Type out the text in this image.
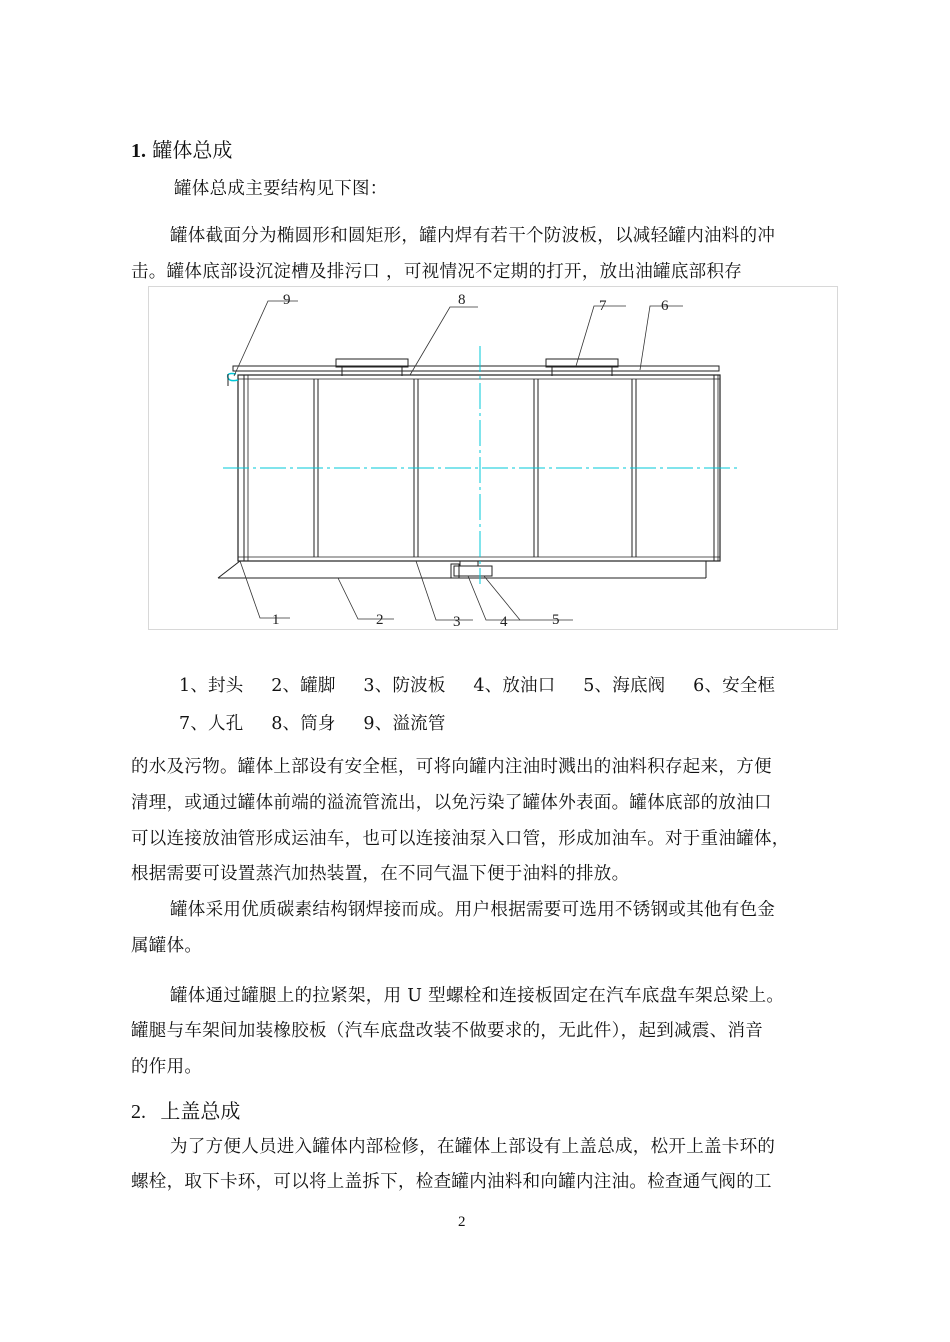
1. 罐体总成
罐体总成主要结构见下图：
罐体截面分为椭圆形和圆矩形，罐内焊有若干个防波板，以减轻罐内油料的冲
击。罐体底部设沉淀槽及排污口 ，可视情况不定期的打开，放出油罐底部积存
9	8	7	6
1	2	3	4	5
1、封头 2、罐脚 3、防波板 4、放油口 5、海底阀 6、安全框
7、人孔 8、筒身 9、溢流管
的水及污物。罐体上部设有安全框，可将向罐内注油时溅出的油料积存起来，方便
清理，或通过罐体前端的溢流管流出，以免污染了罐体外表面。罐体底部的放油口
可以连接放油管形成运油车，也可以连接油泵入口管，形成加油车。对于重油罐体，
根据需要可设置蒸汽加热装置，在不同气温下便于油料的排放。
罐体采用优质碳素结构钢焊接而成。用户根据需要可选用不锈钢或其他有色金
属罐体。
罐体通过罐腿上的拉紧架，用 U 型螺栓和连接板固定在汽车底盘车架总梁上。
罐腿与车架间加装橡胶板（汽车底盘改装不做要求的，无此件），起到减震、消音
的作用。
2. 上盖总成
为了方便人员进入罐体内部检修，在罐体上部设有上盖总成，松开上盖卡环的
螺栓，取下卡环，可以将上盖拆下，检查罐内油料和向罐内注油。检查通气阀的工
2
